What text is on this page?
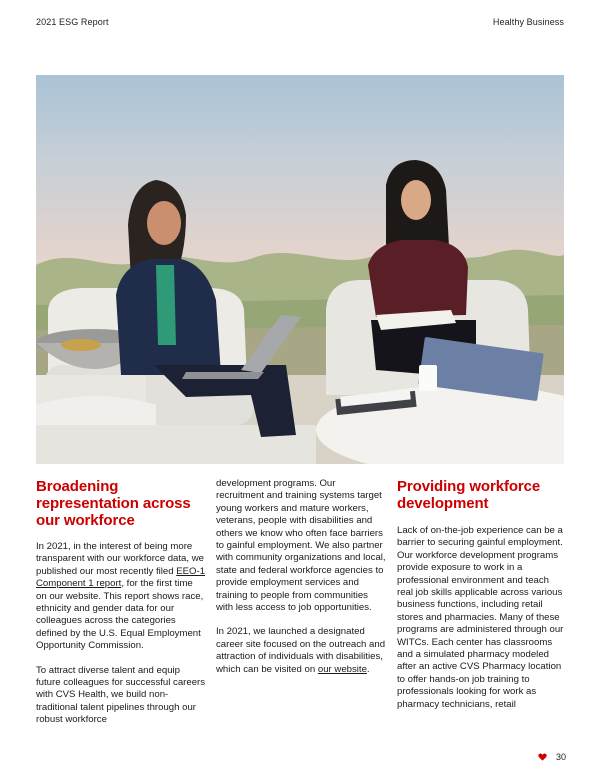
2021 ESG Report	Healthy Business
Broadening representation across our workforce
In 2021, in the interest of being more transparent with our workforce data, we published our most recently filed EEO-1 Component 1 report, for the first time on our website. This report shows race, ethnicity and gender data for our colleagues across the categories defined by the U.S. Equal Employment Opportunity Commission.
To attract diverse talent and equip future colleagues for successful careers with CVS Health, we build non-traditional talent pipelines through our robust workforce
development programs. Our recruitment and training systems target young workers and mature workers, veterans, people with disabilities and others we know who often face barriers to gainful employment. We also partner with community organizations and local, state and federal workforce agencies to provide employment services and training to people from communities with less access to job opportunities.
In 2021, we launched a designated career site focused on the outreach and attraction of individuals with disabilities, which can be visited on our website.
Providing workforce development
Lack of on-the-job experience can be a barrier to securing gainful employment. Our workforce development programs provide exposure to work in a professional environment and teach real job skills applicable across various business functions, including retail stores and pharmacies. Many of these programs are administered through our WITCs. Each center has classrooms and a simulated pharmacy modeled after an active CVS Pharmacy location to offer hands-on job training to professionals looking for work as pharmacy technicians, retail
30
